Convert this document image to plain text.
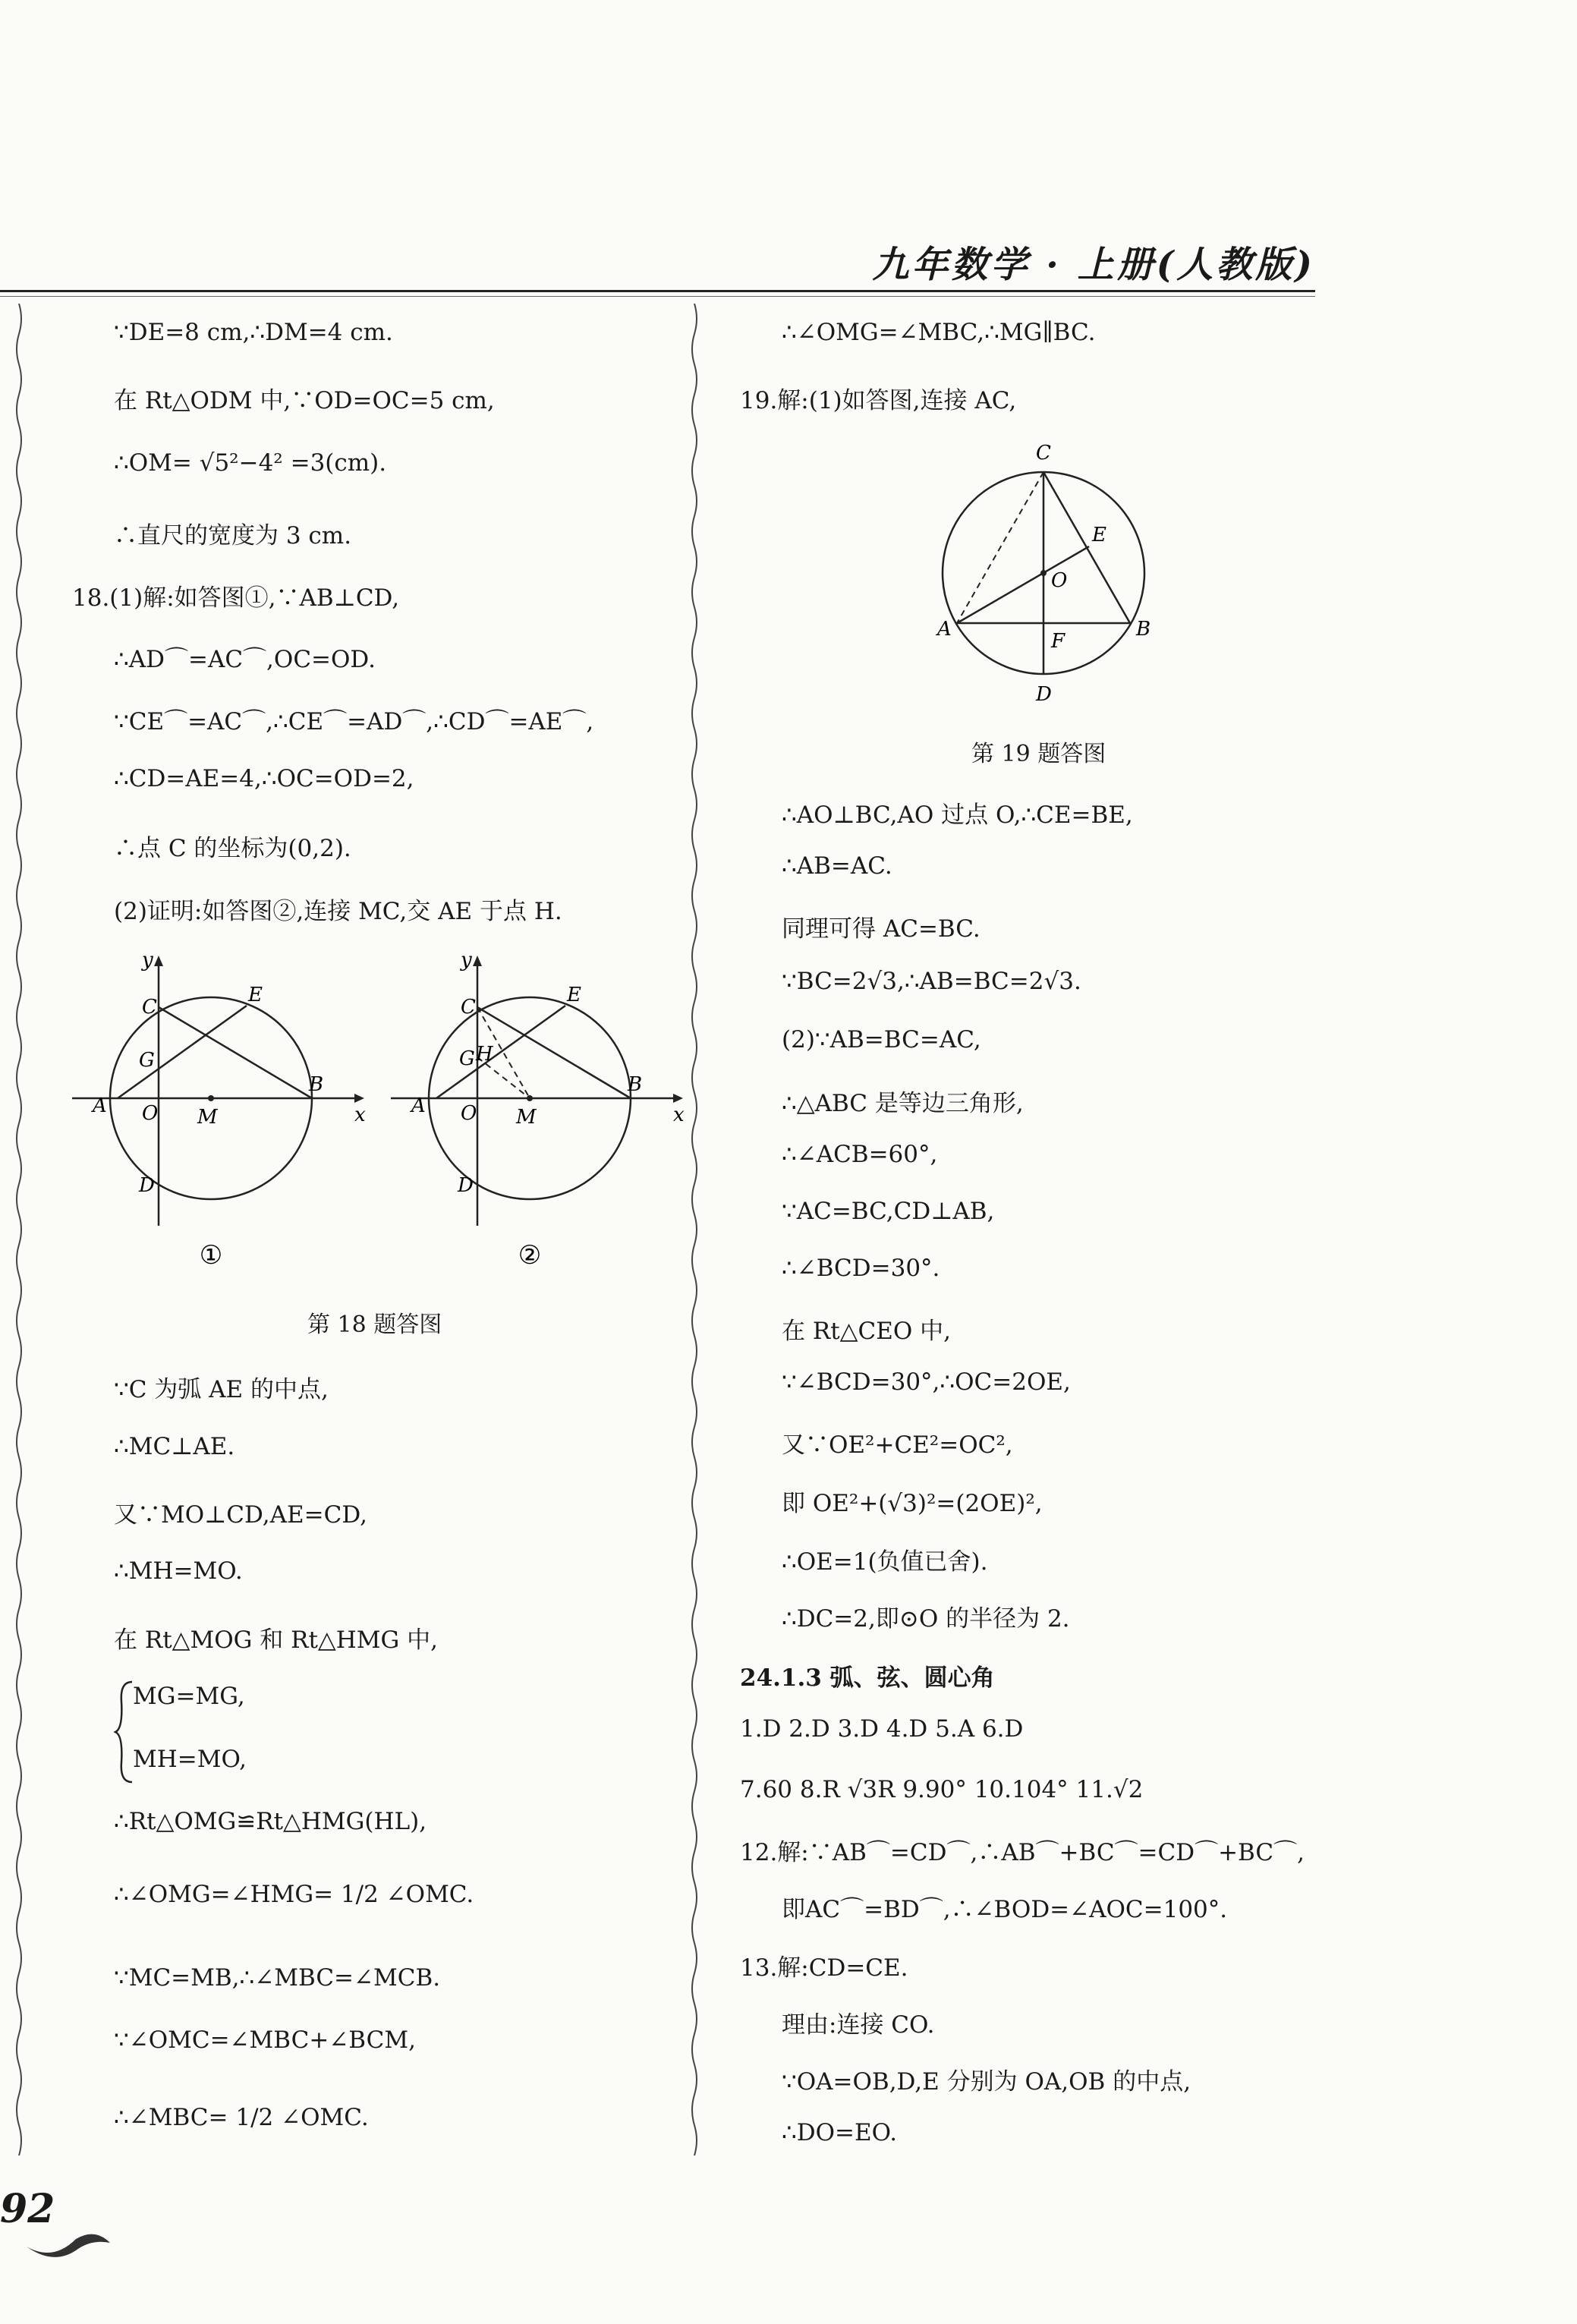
九年数学 · 上册(人教版)
∵DE=8 cm,∴DM=4 cm.
在 Rt△ODM 中,∵OD=OC=5 cm,
∴OM= √5²−4² =3(cm).
∴直尺的宽度为 3 cm.
18.(1)解:如答图①,∵AB⊥CD,
∴AD⌒=AC⌒,OC=OD.
∵CE⌒=AC⌒,∴CE⌒=AD⌒,∴CD⌒=AE⌒,
∴CD=AE=4,∴OC=OD=2,
∴点 C 的坐标为(0,2).
(2)证明:如答图②,连接 MC,交 AE 于点 H.
y
x
C
E
G
A O M
B
D
①
y
x
C
E
G H
A O M
B
D
②
第 18 题答图
∵C 为弧 AE 的中点,
∴MC⊥AE.
又∵MO⊥CD,AE=CD,
∴MH=MO.
在 Rt△MOG 和 Rt△HMG 中,
MG=MG,
MH=MO,
∴Rt△OMG≌Rt△HMG(HL),
∴∠OMG=∠HMG= 1/2 ∠OMC.
∵MC=MB,∴∠MBC=∠MCB.
∵∠OMC=∠MBC+∠BCM,
∴∠MBC= 1/2 ∠OMC.
∴∠OMG=∠MBC,∴MG∥BC.
19.解:(1)如答图,连接 AC,
C
E
O
A
F
B
D
第 19 题答图
∴AO⊥BC,AO 过点 O,∴CE=BE,
∴AB=AC.
同理可得 AC=BC.
∵BC=2√3,∴AB=BC=2√3.
(2)∵AB=BC=AC,
∴△ABC 是等边三角形,
∴∠ACB=60°,
∵AC=BC,CD⊥AB,
∴∠BCD=30°.
在 Rt△CEO 中,
∵∠BCD=30°,∴OC=2OE,
又∵OE²+CE²=OC²,
即 OE²+(√3)²=(2OE)²,
∴OE=1(负值已舍).
∴DC=2,即⊙O 的半径为 2.
24.1.3 弧、弦、圆心角
1.D 2.D 3.D 4.D 5.A 6.D
7.60 8.R √3R 9.90° 10.104° 11.√2
12.解:∵AB⌒=CD⌒,∴AB⌒+BC⌒=CD⌒+BC⌒,
即AC⌒=BD⌒,∴∠BOD=∠AOC=100°.
13.解:CD=CE.
理由:连接 CO.
∵OA=OB,D,E 分别为 OA,OB 的中点,
∴DO=EO.
92
